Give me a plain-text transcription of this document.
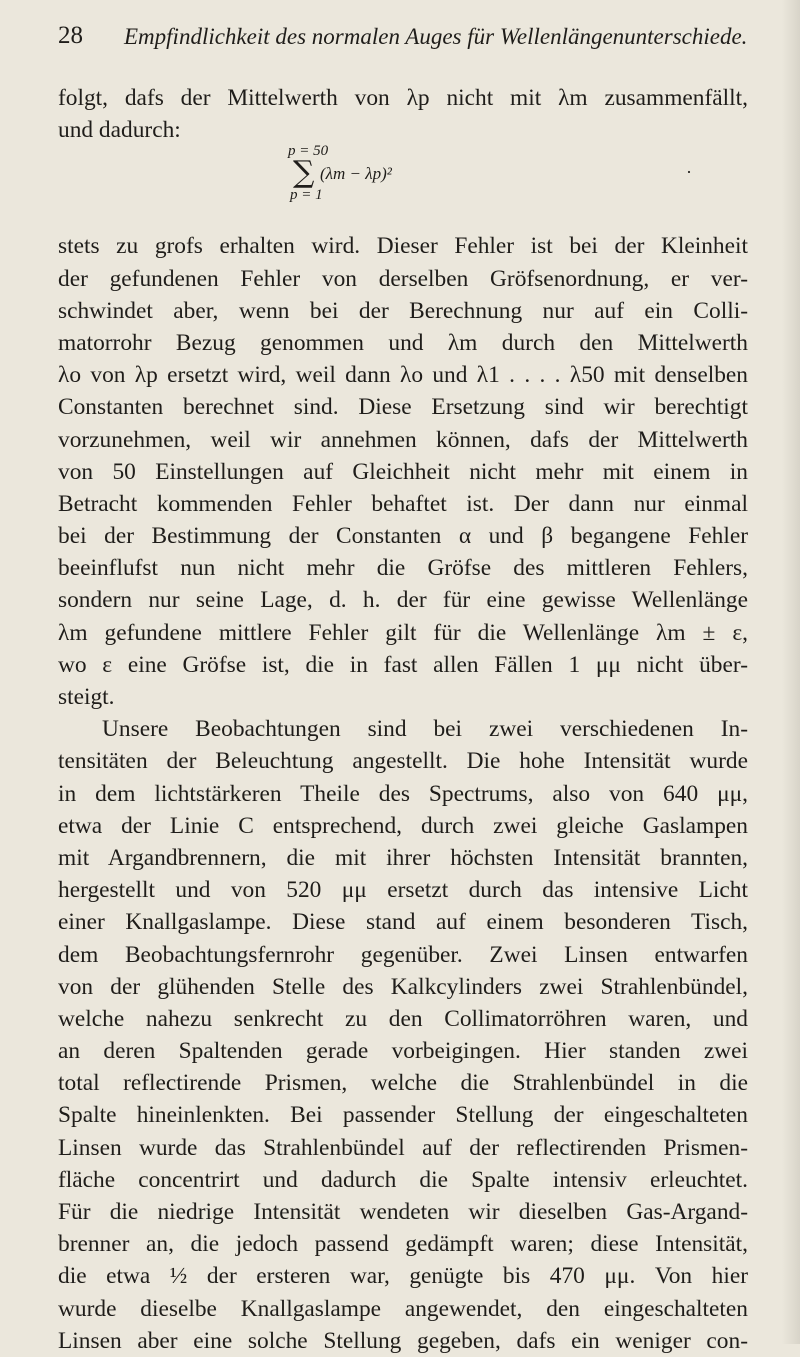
28 Empfindlichkeit des normalen Auges für Wellenlängenunterschiede.
folgt, dafs der Mittelwerth von λp nicht mit λm zusammenfällt,
und dadurch:
p = 50
∑ (λm − λp)²
p = 1
·
stets zu grofs erhalten wird. Dieser Fehler ist bei der Kleinheit
der gefundenen Fehler von derselben Gröfsenordnung, er ver-
schwindet aber, wenn bei der Berechnung nur auf ein Colli-
matorrohr Bezug genommen und λm durch den Mittelwerth
λo von λp ersetzt wird, weil dann λo und λ1 . . . . λ50 mit denselben
Constanten berechnet sind. Diese Ersetzung sind wir berechtigt
vorzunehmen, weil wir annehmen können, dafs der Mittelwerth
von 50 Einstellungen auf Gleichheit nicht mehr mit einem in
Betracht kommenden Fehler behaftet ist. Der dann nur einmal
bei der Bestimmung der Constanten α und β begangene Fehler
beeinflufst nun nicht mehr die Gröfse des mittleren Fehlers,
sondern nur seine Lage, d. h. der für eine gewisse Wellenlänge
λm gefundene mittlere Fehler gilt für die Wellenlänge λm ± ε,
wo ε eine Gröfse ist, die in fast allen Fällen 1 μμ nicht über-
steigt.
Unsere Beobachtungen sind bei zwei verschiedenen In-
tensitäten der Beleuchtung angestellt. Die hohe Intensität wurde
in dem lichtstärkeren Theile des Spectrums, also von 640 μμ,
etwa der Linie C entsprechend, durch zwei gleiche Gaslampen
mit Argandbrennern, die mit ihrer höchsten Intensität brannten,
hergestellt und von 520 μμ ersetzt durch das intensive Licht
einer Knallgaslampe. Diese stand auf einem besonderen Tisch,
dem Beobachtungsfernrohr gegenüber. Zwei Linsen entwarfen
von der glühenden Stelle des Kalkcylinders zwei Strahlenbündel,
welche nahezu senkrecht zu den Collimatorröhren waren, und
an deren Spaltenden gerade vorbeigingen. Hier standen zwei
total reflectirende Prismen, welche die Strahlenbündel in die
Spalte hineinlenkten. Bei passender Stellung der eingeschalteten
Linsen wurde das Strahlenbündel auf der reflectirenden Prismen-
fläche concentrirt und dadurch die Spalte intensiv erleuchtet.
Für die niedrige Intensität wendeten wir dieselben Gas-Argand-
brenner an, die jedoch passend gedämpft waren; diese Intensität,
die etwa ½ der ersteren war, genügte bis 470 μμ. Von hier
wurde dieselbe Knallgaslampe angewendet, den eingeschalteten
Linsen aber eine solche Stellung gegeben, dafs ein weniger con-
